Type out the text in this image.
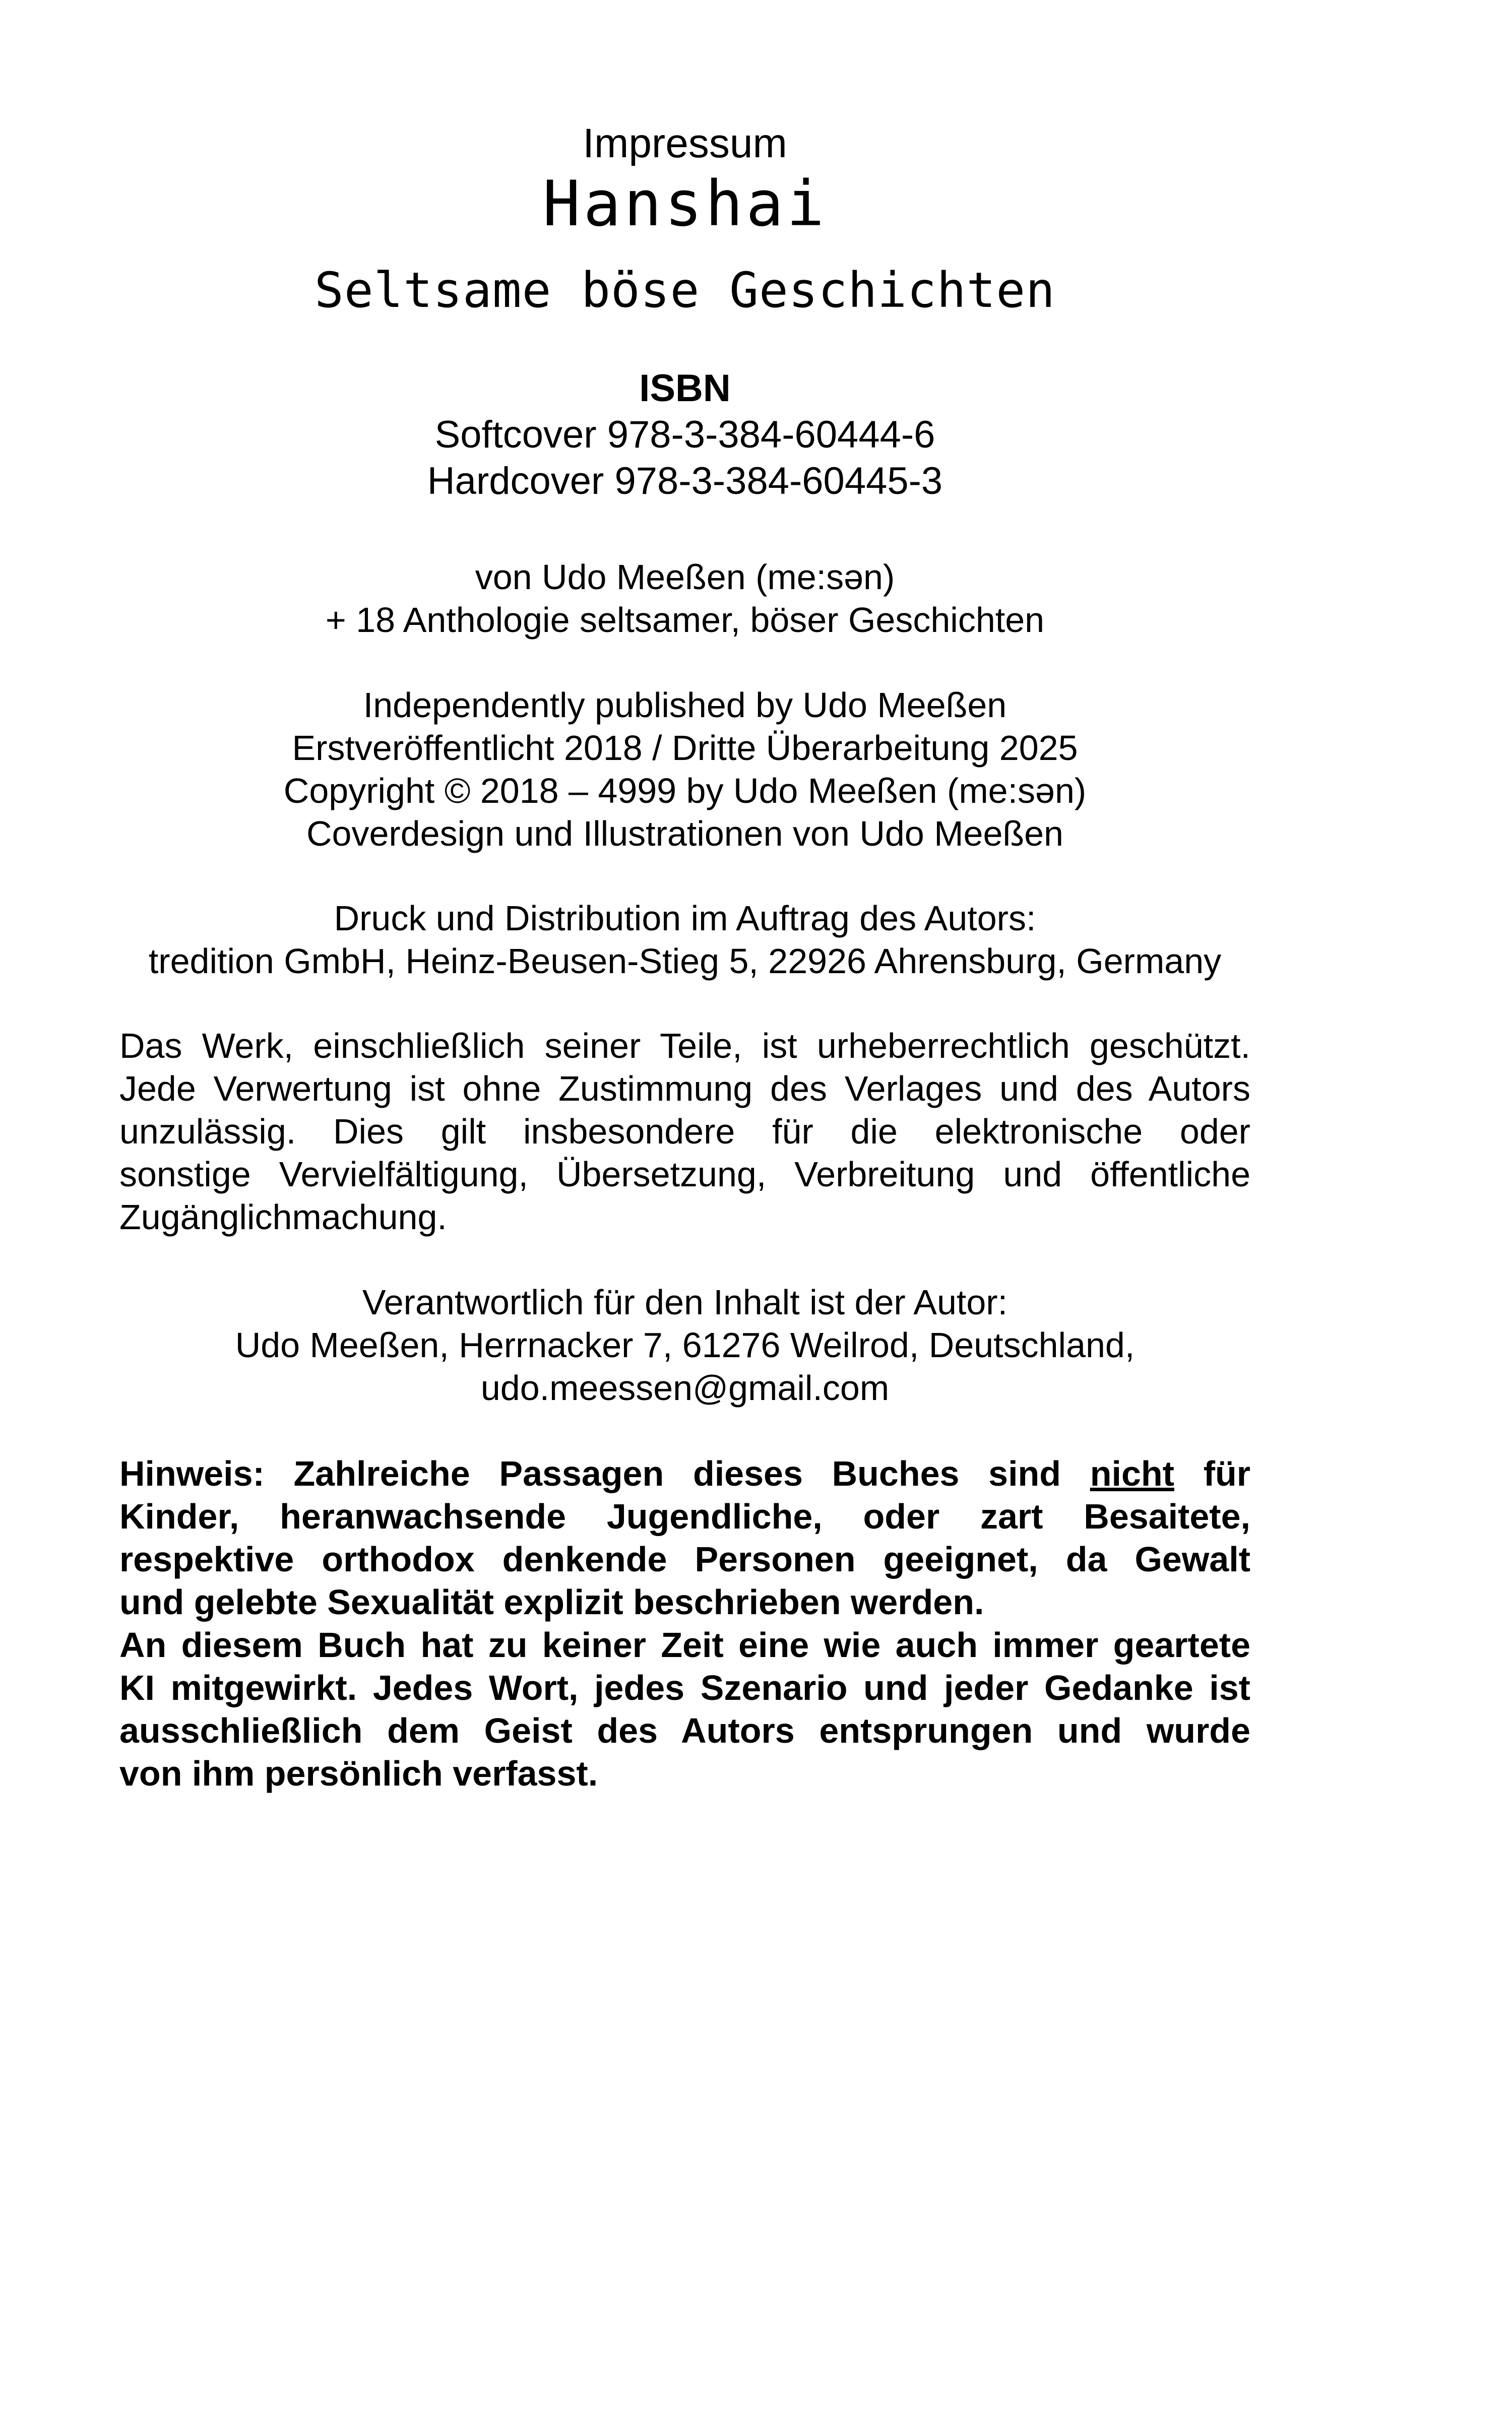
Impressum
Hanshai
Seltsame böse Geschichten
ISBN
Softcover 978-3-384-60444-6
Hardcover 978-3-384-60445-3
von Udo Meeßen (me:sən)
+ 18 Anthologie seltsamer, böser Geschichten
Independently published by Udo Meeßen
Erstveröffentlicht 2018 / Dritte Überarbeitung 2025
Copyright © 2018 – 4999 by Udo Meeßen (me:sən)
Coverdesign und Illustrationen von Udo Meeßen
Druck und Distribution im Auftrag des Autors:
tredition GmbH, Heinz-Beusen-Stieg 5, 22926 Ahrensburg, Germany
Das Werk, einschließlich seiner Teile, ist urheberrechtlich geschützt.
Jede Verwertung ist ohne Zustimmung des Verlages und des Autors
unzulässig. Dies gilt insbesondere für die elektronische oder
sonstige Vervielfältigung, Übersetzung, Verbreitung und öffentliche
Zugänglichmachung.
Verantwortlich für den Inhalt ist der Autor:
Udo Meeßen, Herrnacker 7, 61276 Weilrod, Deutschland,
udo.meessen@gmail.com
Hinweis: Zahlreiche Passagen dieses Buches sind nicht für
Kinder, heranwachsende Jugendliche, oder zart Besaitete,
respektive orthodox denkende Personen geeignet, da Gewalt
und gelebte Sexualität explizit beschrieben werden.
An diesem Buch hat zu keiner Zeit eine wie auch immer geartete
KI mitgewirkt. Jedes Wort, jedes Szenario und jeder Gedanke ist
ausschließlich dem Geist des Autors entsprungen und wurde
von ihm persönlich verfasst.
